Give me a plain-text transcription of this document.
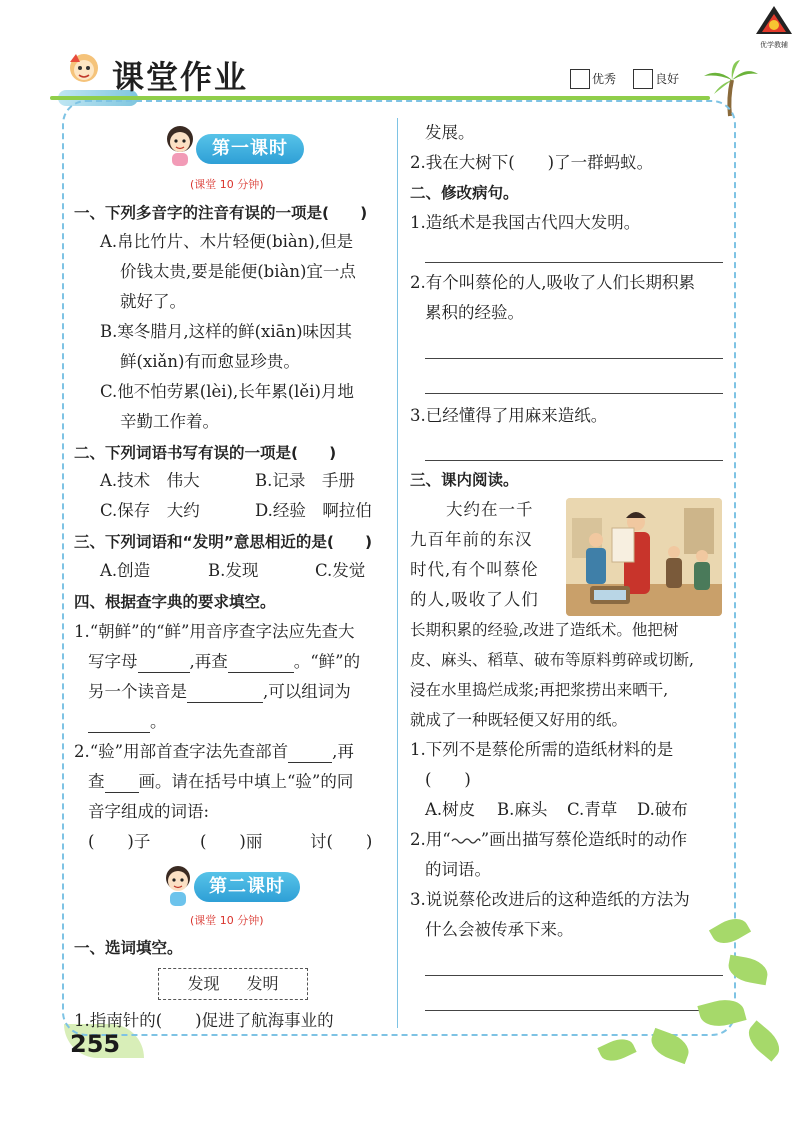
课堂作业	优秀	良好
优学教辅
第一课时
(课堂 10 分钟)
一、下列多音字的注音有误的一项是(　　)
A.帛比竹片、木片轻便(biàn),但是
价钱太贵,要是能便(biàn)宜一点
就好了。
B.寒冬腊月,这样的鲜(xiān)味因其
鲜(xiǎn)有而愈显珍贵。
C.他不怕劳累(lèi),长年累(lěi)月地
辛勤工作着。
二、下列词语书写有误的一项是(　　)
A.技术　伟大	B.记录　手册
C.保存　大约	D.经验　啊拉伯
三、下列词语和“发明”意思相近的是(　　)
A.创造	B.发现	C.发觉
四、根据查字典的要求填空。
1.“朝鲜”的“鲜”用音序查字法应先查大
写字母	,再查	。“鲜”的
另一个读音是	,可以组词为
。
2.“验”用部首查字法先查部首	,再
查 画。请在括号中填上“验”的同
音字组成的词语:
(　　)子	(　　)丽	讨(　　)
第二课时
(课堂 10 分钟)
一、选词填空。
发现 发明
1.指南针的(　　)促进了航海事业的
255
发展。
2.我在大树下(　　)了一群蚂蚁。
二、修改病句。
1.造纸术是我国古代四大发明。
2.有个叫蔡伦的人,吸收了人们长期积累
累积的经验。
3.已经懂得了用麻来造纸。
三、课内阅读。
大约在一千
九百年前的东汉
时代,有个叫蔡伦
的人,吸收了人们
长期积累的经验,改进了造纸术。他把树
皮、麻头、稻草、破布等原料剪碎或切断,
浸在水里捣烂成浆;再把浆捞出来晒干,
就成了一种既轻便又好用的纸。
1.下列不是蔡伦所需的造纸材料的是
(　　)
A.树皮 B.麻头 C.青草 D.破布
2.用“ ”画出描写蔡伦造纸时的动作
的词语。
3.说说蔡伦改进后的这种造纸的方法为
什么会被传承下来。
